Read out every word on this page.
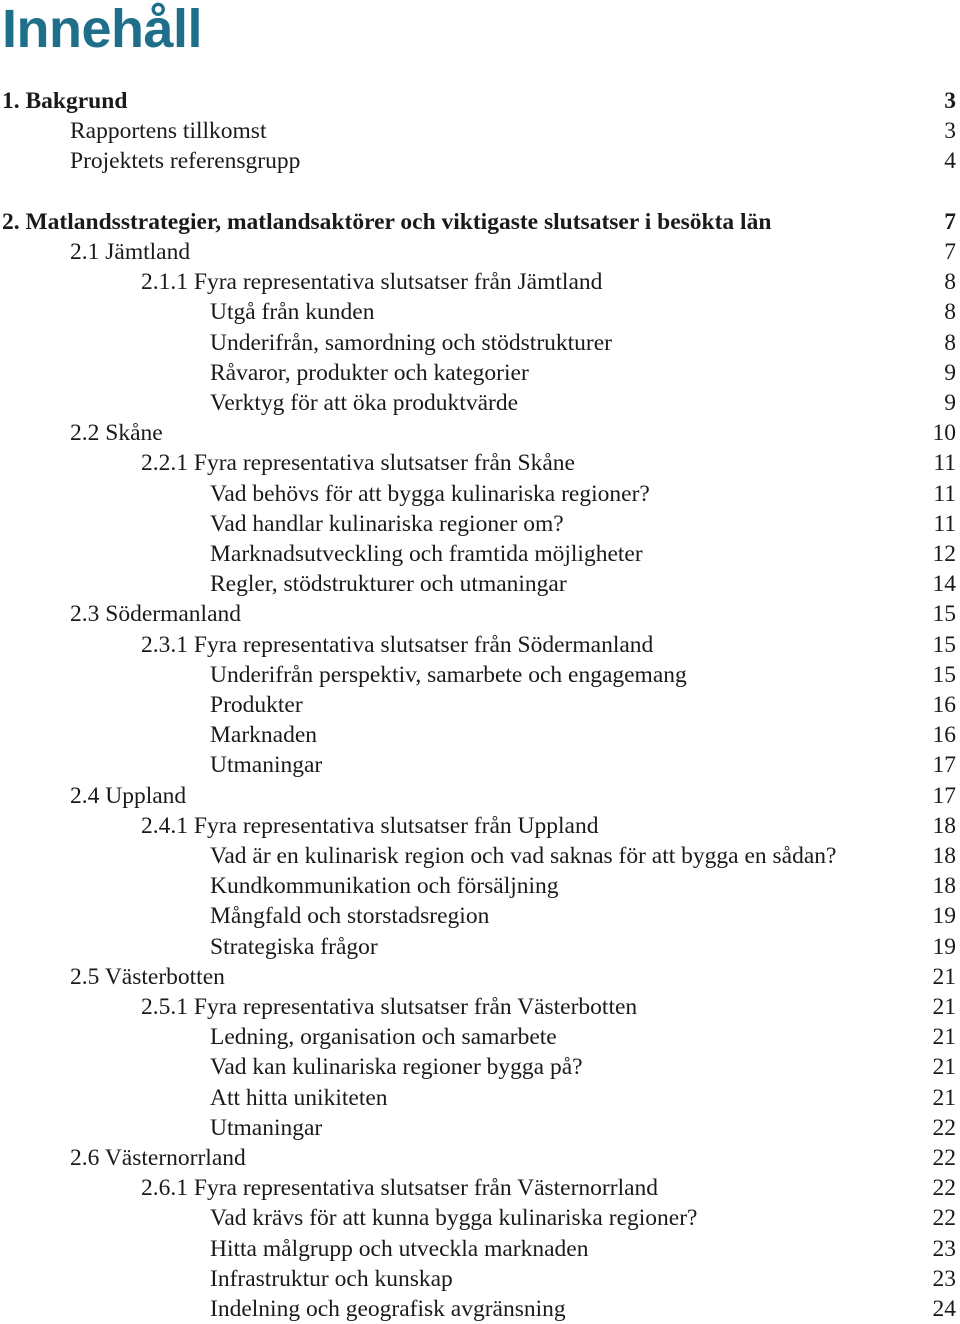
Innehåll
1. Bakgrund	3
Rapportens tillkomst	3
Projektets referensgrupp	4
2. Matlandsstrategier, matlandsaktörer och viktigaste slutsatser i besökta län	7
2.1 Jämtland	7
2.1.1 Fyra representativa slutsatser från Jämtland	8
Utgå från kunden	8
Underifrån, samordning och stödstrukturer	8
Råvaror, produkter och kategorier	9
Verktyg för att öka produktvärde	9
2.2 Skåne	10
2.2.1 Fyra representativa slutsatser från Skåne	11
Vad behövs för att bygga kulinariska regioner?	11
Vad handlar kulinariska regioner om?	11
Marknadsutveckling och framtida möjligheter	12
Regler, stödstrukturer och utmaningar	14
2.3 Södermanland	15
2.3.1 Fyra representativa slutsatser från Södermanland	15
Underifrån perspektiv, samarbete och engagemang	15
Produkter	16
Marknaden	16
Utmaningar	17
2.4 Uppland	17
2.4.1 Fyra representativa slutsatser från Uppland	18
Vad är en kulinarisk region och vad saknas för att bygga en sådan?	18
Kundkommunikation och försäljning	18
Mångfald och storstadsregion	19
Strategiska frågor	19
2.5 Västerbotten	21
2.5.1 Fyra representativa slutsatser från Västerbotten	21
Ledning, organisation och samarbete	21
Vad kan kulinariska regioner bygga på?	21
Att hitta unikiteten	21
Utmaningar	22
2.6 Västernorrland	22
2.6.1 Fyra representativa slutsatser från Västernorrland	22
Vad krävs för att kunna bygga kulinariska regioner?	22
Hitta målgrupp och utveckla marknaden	23
Infrastruktur och kunskap	23
Indelning och geografisk avgränsning	24
